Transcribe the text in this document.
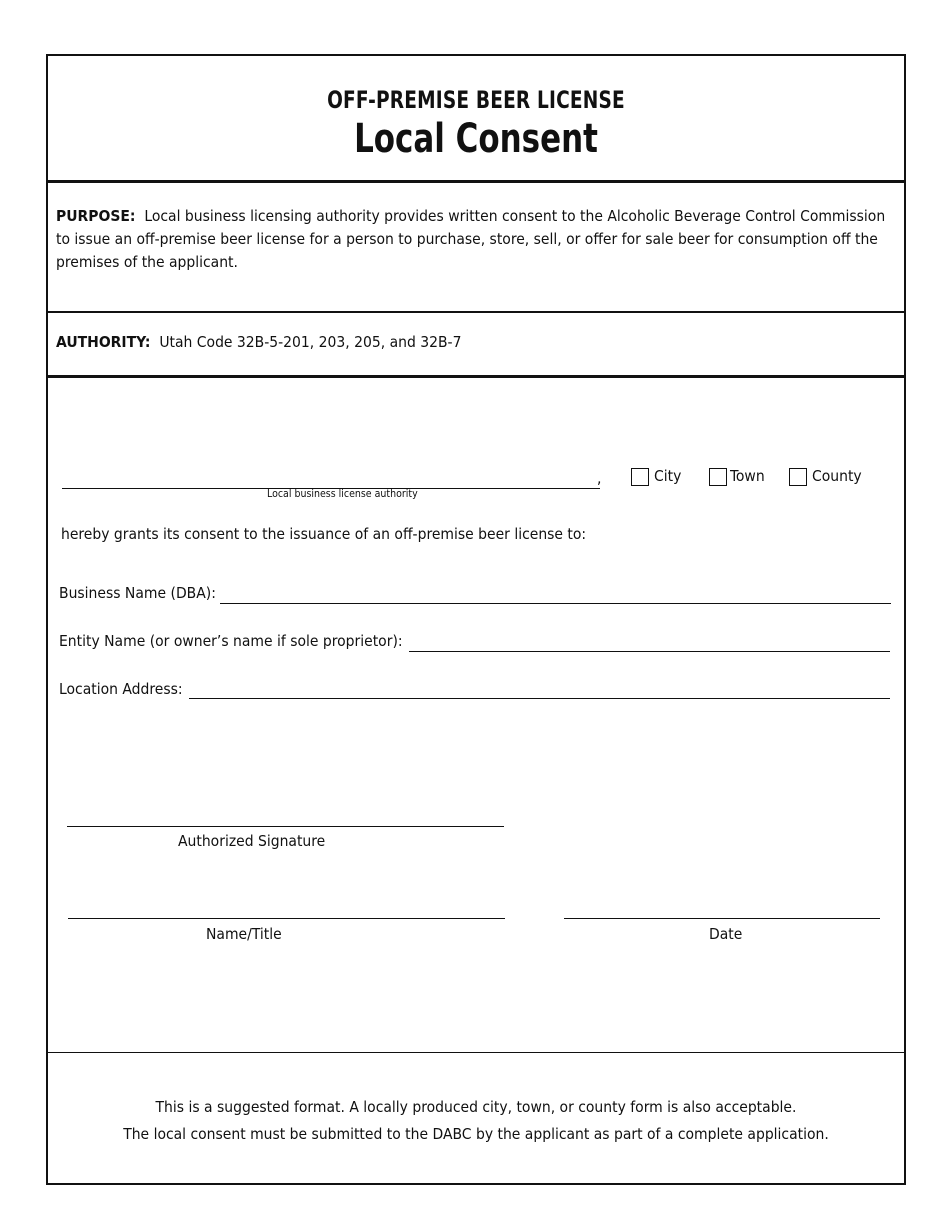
OFF-PREMISE BEER LICENSE
Local Consent

PURPOSE: Local business licensing authority provides written consent to the Alcoholic Beverage Control Commission to issue an off-premise beer license for a person to purchase, store, sell, or offer for sale beer for consumption off the premises of the applicant.

AUTHORITY: Utah Code 32B-5-201, 203, 205, and 32B-7

,
Local business license authority
City	Town	County
hereby grants its consent to the issuance of an off-premise beer license to:
Business Name (DBA):
Entity Name (or owner’s name if sole proprietor):
Location Address:
Authorized Signature
Name/Title	Date

This is a suggested format. A locally produced city, town, or county form is also acceptable.

The local consent must be submitted to the DABC by the applicant as part of a complete application.
